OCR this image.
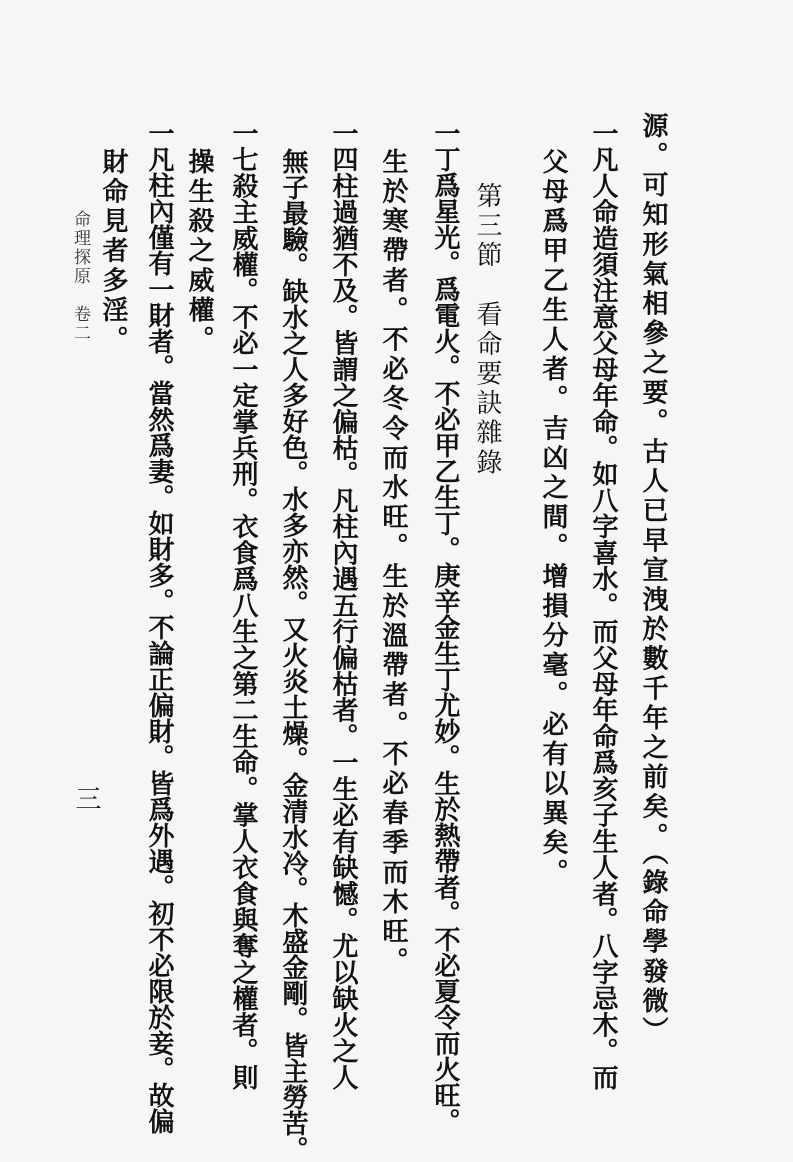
源。可知形氣相參之要。古人已早宣洩於數千年之前矣。（錄命學發微）
一凡人命造須注意父母年命。如八字喜水。而父母年命爲亥子生人者。八字忌木。而
父母爲甲乙生人者。吉凶之間。增損分毫。必有以異矣。
第三節　看命要訣雜錄
一丁爲星光。爲電火。不必甲乙生丁。庚辛金生丁尤妙。生於熱帶者。不必夏令而火旺。
生於寒帶者。不必冬令而水旺。生於溫帶者。不必春季而木旺。
一四柱過猶不及。皆謂之偏枯。凡柱內遇五行偏枯者。一生必有缺憾。尤以缺火之人
無子最驗。缺水之人多好色。水多亦然。又火炎土燥。金清水冷。木盛金剛。皆主勞苦。
一七殺主威權。不必一定掌兵刑。衣食爲八生之第二生命。掌人衣食與奪之權者。則
操生殺之威權。
一凡柱內僅有一財者。當然爲妻。如財多。不論正偏財。皆爲外遇。初不必限於妾。故偏
財命見者多淫。
命理探原　卷二
三
